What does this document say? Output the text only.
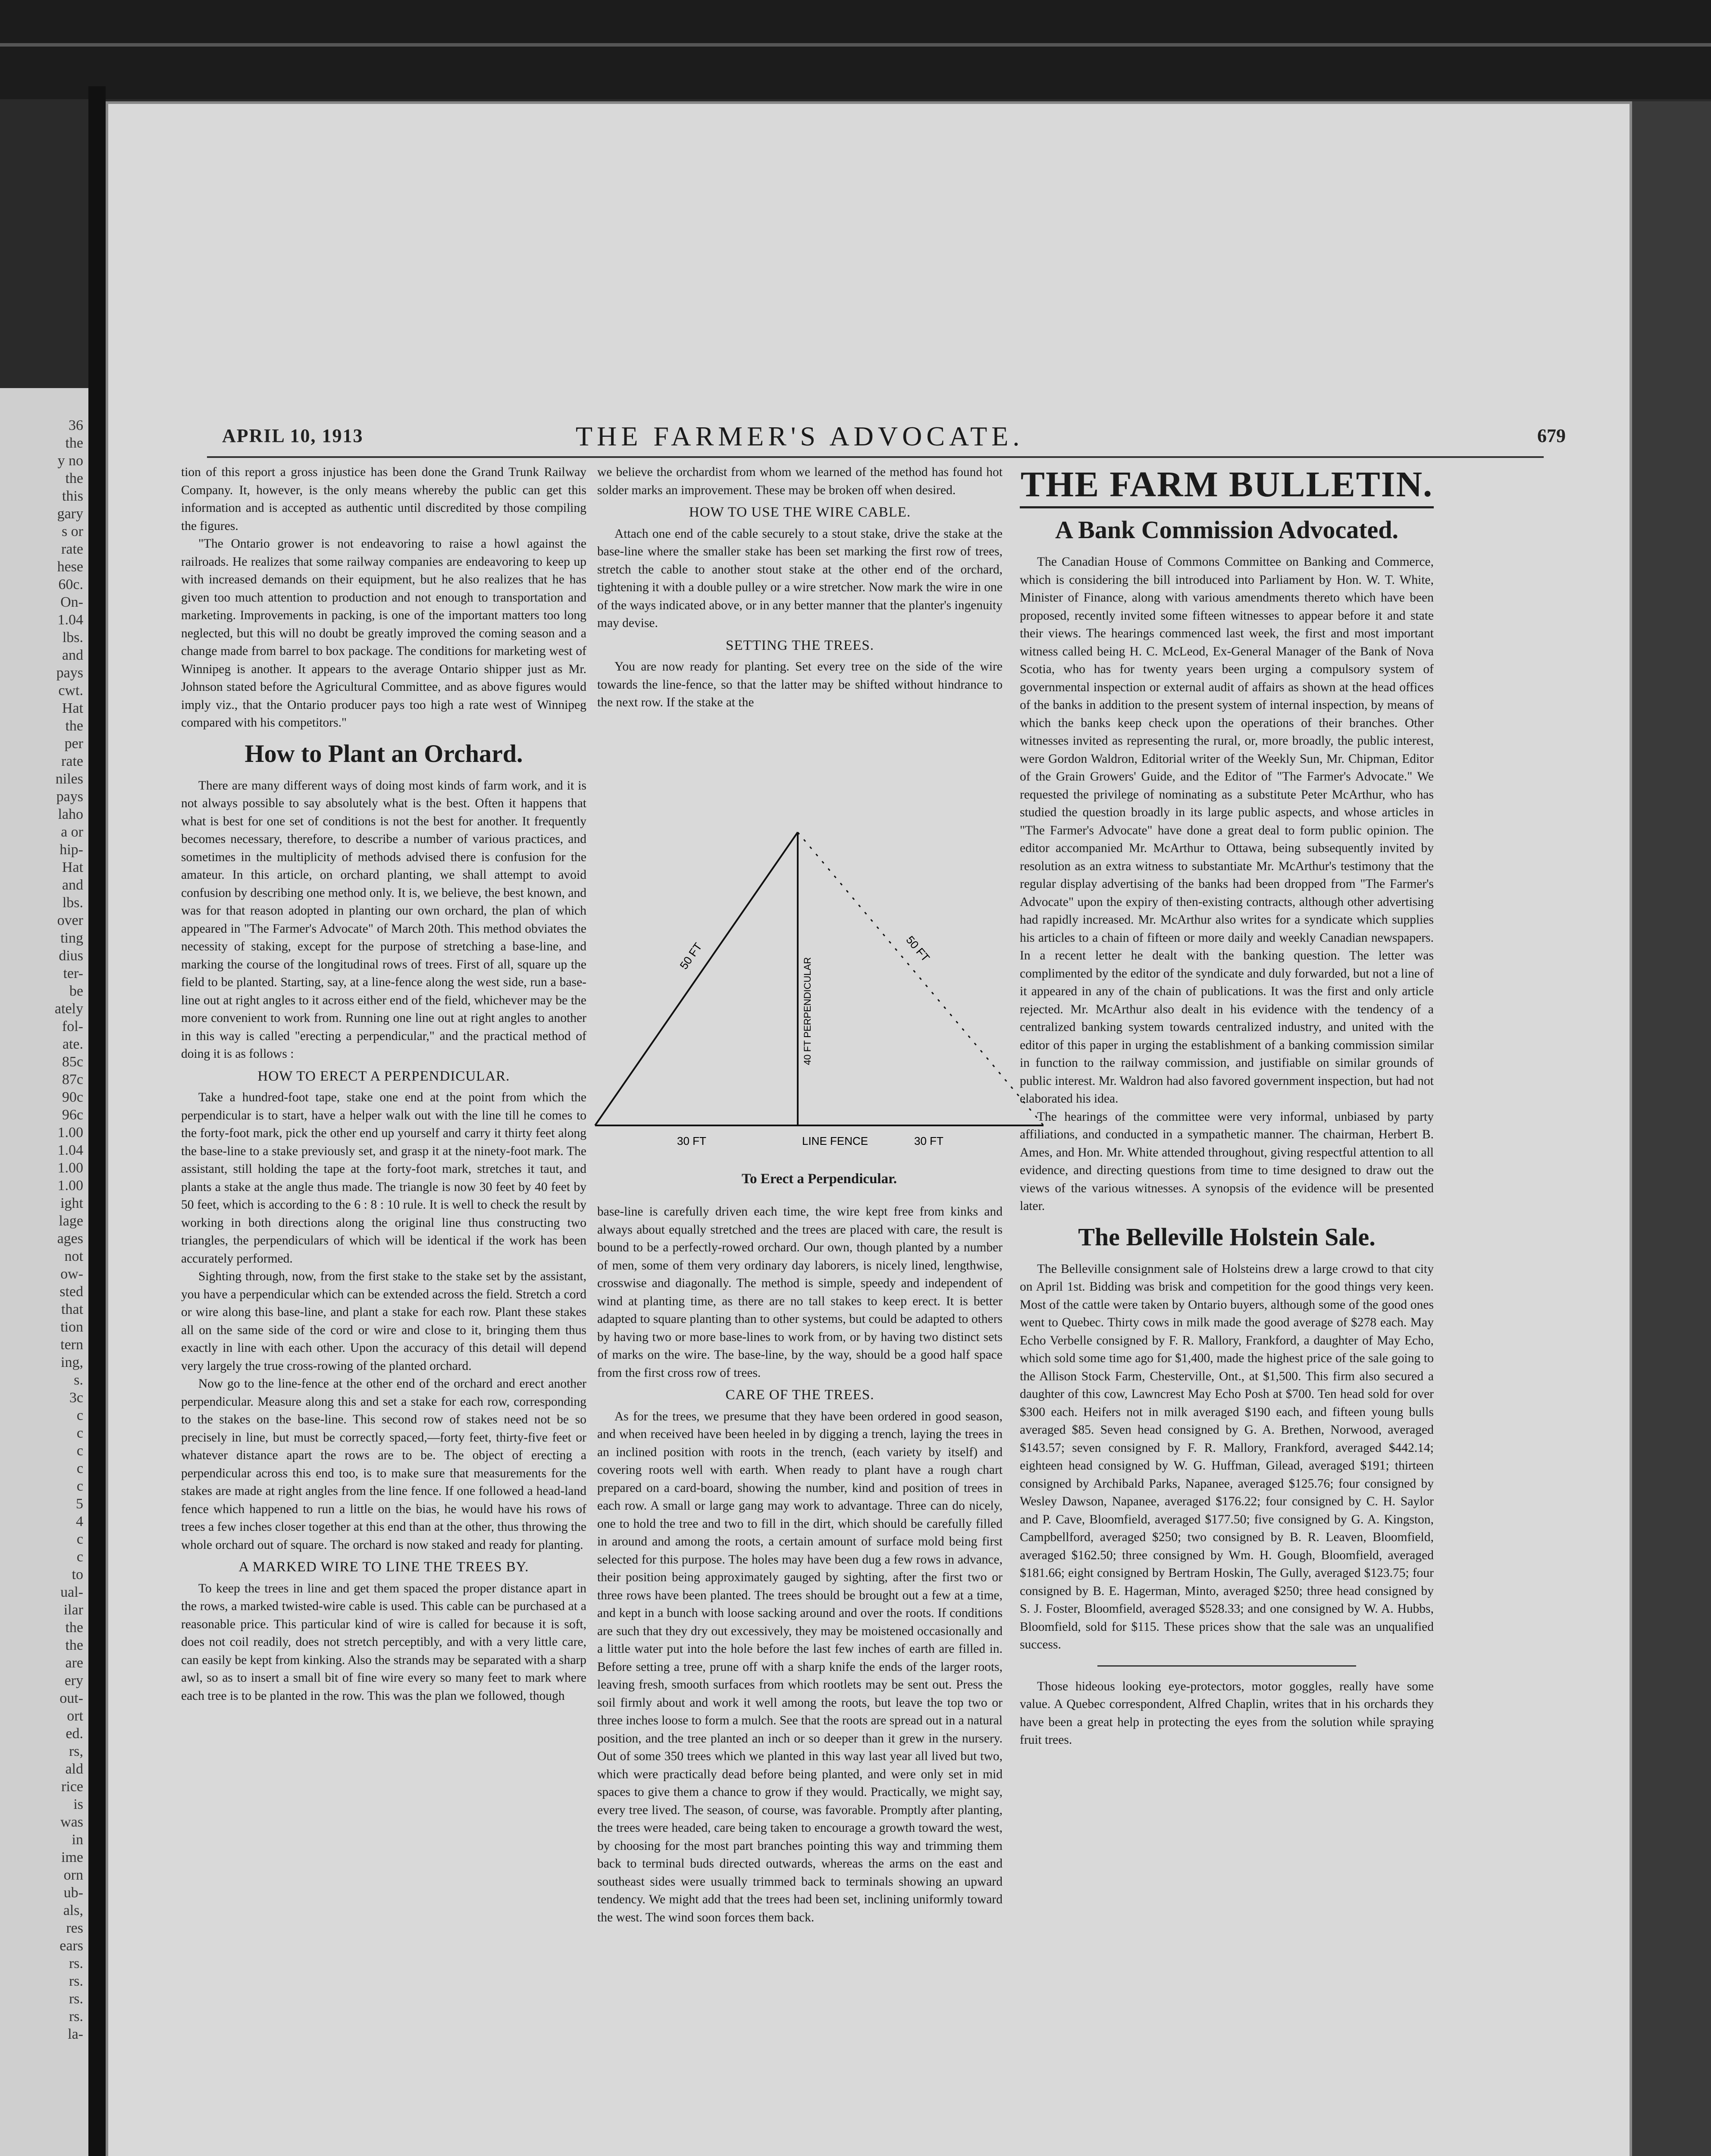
36
the
y no
the
this
gary
s or
rate
hese
60c.
On-
1.04
lbs.
and
pays
cwt.
Hat
the
per
rate
niles
pays
laho
a or
hip-
Hat
and
lbs.
over
ting
dius
ter-
be
ately
fol-
ate.
85c
87c
90c
96c
1.00
1.04
1.00
1.00
ight
lage
ages
not
ow-
sted
that
tion
tern
ing,
s.
3c
c
c
c
c
c
5
4
c
c
to
ual-
ilar
the
the
are
ery
out-
ort
ed.
rs,
ald
rice
is
was
in
ime
orn
ub-
als,
res
ears
rs.
rs.
rs.
rs.
la-
APRIL 10, 1913	THE FARMER'S ADVOCATE.	679

tion of this report a gross injustice has been done the Grand Trunk Railway Company. It, however, is the only means whereby the public can get this information and is accepted as authentic until discredited by those compiling the figures.

"The Ontario grower is not endeavoring to raise a howl against the railroads. He realizes that some railway companies are endeavoring to keep up with increased demands on their equipment, but he also realizes that he has given too much attention to production and not enough to transportation and marketing. Improvements in packing, is one of the important matters too long neglected, but this will no doubt be greatly improved the coming season and a change made from barrel to box package. The conditions for marketing west of Winnipeg is another. It appears to the average Ontario shipper just as Mr. Johnson stated before the Agricultural Committee, and as above figures would imply viz., that the Ontario producer pays too high a rate west of Winnipeg compared with his competitors."

How to Plant an Orchard.

There are many different ways of doing most kinds of farm work, and it is not always possible to say absolutely what is the best. Often it happens that what is best for one set of conditions is not the best for another. It frequently becomes necessary, therefore, to describe a number of various practices, and sometimes in the multiplicity of methods advised there is confusion for the amateur. In this article, on orchard planting, we shall attempt to avoid confusion by describing one method only. It is, we believe, the best known, and was for that reason adopted in planting our own orchard, the plan of which appeared in "The Farmer's Advocate" of March 20th. This method obviates the necessity of staking, except for the purpose of stretching a base-line, and marking the course of the longitudinal rows of trees. First of all, square up the field to be planted. Starting, say, at a line-fence along the west side, run a base-line out at right angles to it across either end of the field, whichever may be the more convenient to work from. Running one line out at right angles to another in this way is called "erecting a perpendicular," and the practical method of doing it is as follows :

HOW TO ERECT A PERPENDICULAR.

Take a hundred-foot tape, stake one end at the point from which the perpendicular is to start, have a helper walk out with the line till he comes to the forty-foot mark, pick the other end up yourself and carry it thirty feet along the base-line to a stake previously set, and grasp it at the ninety-foot mark. The assistant, still holding the tape at the forty-foot mark, stretches it taut, and plants a stake at the angle thus made. The triangle is now 30 feet by 40 feet by 50 feet, which is according to the 6 : 8 : 10 rule. It is well to check the result by working in both directions along the original line thus constructing two triangles, the perpendiculars of which will be identical if the work has been accurately performed.

Sighting through, now, from the first stake to the stake set by the assistant, you have a perpendicular which can be extended across the field. Stretch a cord or wire along this base-line, and plant a stake for each row. Plant these stakes all on the same side of the cord or wire and close to it, bringing them thus exactly in line with each other. Upon the accuracy of this detail will depend very largely the true cross-rowing of the planted orchard.

Now go to the line-fence at the other end of the orchard and erect another perpendicular. Measure along this and set a stake for each row, corresponding to the stakes on the base-line. This second row of stakes need not be so precisely in line, but must be correctly spaced,—forty feet, thirty-five feet or whatever distance apart the rows are to be. The object of erecting a perpendicular across this end too, is to make sure that measurements for the stakes are made at right angles from the line fence. If one followed a head-land fence which happened to run a little on the bias, he would have his rows of trees a few inches closer together at this end than at the other, thus throwing the whole orchard out of square. The orchard is now staked and ready for planting.

A MARKED WIRE TO LINE THE TREES BY.

To keep the trees in line and get them spaced the proper distance apart in the rows, a marked twisted-wire cable is used. This cable can be purchased at a reasonable price. This particular kind of wire is called for because it is soft, does not coil readily, does not stretch perceptibly, and with a very little care, can easily be kept from kinking. Also the strands may be separated with a sharp awl, so as to insert a small bit of fine wire every so many feet to mark where each tree is to be planted in the row. This was the plan we followed, though

we believe the orchardist from whom we learned of the method has found hot solder marks an improvement. These may be broken off when desired.

HOW TO USE THE WIRE CABLE.

Attach one end of the cable securely to a stout stake, drive the stake at the base-line where the smaller stake has been set marking the first row of trees, stretch the cable to another stout stake at the other end of the orchard, tightening it with a double pulley or a wire stretcher. Now mark the wire in one of the ways indicated above, or in any better manner that the planter's ingenuity may devise.

SETTING THE TREES.

You are now ready for planting. Set every tree on the side of the wire towards the line-fence, so that the latter may be shifted without hindrance to the next row. If the stake at the

50 FT
40 FT PERPENDICULAR
50 FT
30 FT	LINE FENCE	30 FT
To Erect a Perpendicular.

base-line is carefully driven each time, the wire kept free from kinks and always about equally stretched and the trees are placed with care, the result is bound to be a perfectly-rowed orchard. Our own, though planted by a number of men, some of them very ordinary day laborers, is nicely lined, lengthwise, crosswise and diagonally. The method is simple, speedy and independent of wind at planting time, as there are no tall stakes to keep erect. It is better adapted to square planting than to other systems, but could be adapted to others by having two or more base-lines to work from, or by having two distinct sets of marks on the wire. The base-line, by the way, should be a good half space from the first cross row of trees.

CARE OF THE TREES.

As for the trees, we presume that they have been ordered in good season, and when received have been heeled in by digging a trench, laying the trees in an inclined position with roots in the trench, (each variety by itself) and covering roots well with earth. When ready to plant have a rough chart prepared on a card-board, showing the number, kind and position of trees in each row. A small or large gang may work to advantage. Three can do nicely, one to hold the tree and two to fill in the dirt, which should be carefully filled in around and among the roots, a certain amount of surface mold being first selected for this purpose. The holes may have been dug a few rows in advance, their position being approximately gauged by sighting, after the first two or three rows have been planted. The trees should be brought out a few at a time, and kept in a bunch with loose sacking around and over the roots. If conditions are such that they dry out excessively, they may be moistened occasionally and a little water put into the hole before the last few inches of earth are filled in. Before setting a tree, prune off with a sharp knife the ends of the larger roots, leaving fresh, smooth surfaces from which rootlets may be sent out. Press the soil firmly about and work it well among the roots, but leave the top two or three inches loose to form a mulch. See that the roots are spread out in a natural position, and the tree planted an inch or so deeper than it grew in the nursery. Out of some 350 trees which we planted in this way last year all lived but two, which were practically dead before being planted, and were only set in mid spaces to give them a chance to grow if they would. Practically, we might say, every tree lived. The season, of course, was favorable. Promptly after planting, the trees were headed, care being taken to encourage a growth toward the west, by choosing for the most part branches pointing this way and trimming them back to terminal buds directed outwards, whereas the arms on the east and southeast sides were usually trimmed back to terminals showing an upward tendency. We might add that the trees had been set, inclining uniformly toward the west. The wind soon forces them back.

THE FARM BULLETIN.
A Bank Commission Advocated.

The Canadian House of Commons Committee on Banking and Commerce, which is considering the bill introduced into Parliament by Hon. W. T. White, Minister of Finance, along with various amendments thereto which have been proposed, recently invited some fifteen witnesses to appear before it and state their views. The hearings commenced last week, the first and most important witness called being H. C. McLeod, Ex-General Manager of the Bank of Nova Scotia, who has for twenty years been urging a compulsory system of governmental inspection or external audit of affairs as shown at the head offices of the banks in addition to the present system of internal inspection, by means of which the banks keep check upon the operations of their branches. Other witnesses invited as representing the rural, or, more broadly, the public interest, were Gordon Waldron, Editorial writer of the Weekly Sun, Mr. Chipman, Editor of the Grain Growers' Guide, and the Editor of "The Farmer's Advocate." We requested the privilege of nominating as a substitute Peter McArthur, who has studied the question broadly in its large public aspects, and whose articles in "The Farmer's Advocate" have done a great deal to form public opinion. The editor accompanied Mr. McArthur to Ottawa, being subsequently invited by resolution as an extra witness to substantiate Mr. McArthur's testimony that the regular display advertising of the banks had been dropped from "The Farmer's Advocate" upon the expiry of then-existing contracts, although other advertising had rapidly increased. Mr. McArthur also writes for a syndicate which supplies his articles to a chain of fifteen or more daily and weekly Canadian newspapers. In a recent letter he dealt with the banking question. The letter was complimented by the editor of the syndicate and duly forwarded, but not a line of it appeared in any of the chain of publications. It was the first and only article rejected. Mr. McArthur also dealt in his evidence with the tendency of a centralized banking system towards centralized industry, and united with the editor of this paper in urging the establishment of a banking commission similar in function to the railway commission, and justifiable on similar grounds of public interest. Mr. Waldron had also favored government inspection, but had not elaborated his idea.

The hearings of the committee were very informal, unbiased by party affiliations, and conducted in a sympathetic manner. The chairman, Herbert B. Ames, and Hon. Mr. White attended throughout, giving respectful attention to all evidence, and directing questions from time to time designed to draw out the views of the various witnesses. A synopsis of the evidence will be presented later.

The Belleville Holstein Sale.

The Belleville consignment sale of Holsteins drew a large crowd to that city on April 1st. Bidding was brisk and competition for the good things very keen. Most of the cattle were taken by Ontario buyers, although some of the good ones went to Quebec. Thirty cows in milk made the good average of $278 each. May Echo Verbelle consigned by F. R. Mallory, Frankford, a daughter of May Echo, which sold some time ago for $1,400, made the highest price of the sale going to the Allison Stock Farm, Chesterville, Ont., at $1,500. This firm also secured a daughter of this cow, Lawncrest May Echo Posh at $700. Ten head sold for over $300 each. Heifers not in milk averaged $190 each, and fifteen young bulls averaged $85. Seven head consigned by G. A. Brethen, Norwood, averaged $143.57; seven consigned by F. R. Mallory, Frankford, averaged $442.14; eighteen head consigned by W. G. Huffman, Gilead, averaged $191; thirteen consigned by Archibald Parks, Napanee, averaged $125.76; four consigned by Wesley Dawson, Napanee, averaged $176.22; four consigned by C. H. Saylor and P. Cave, Bloomfield, averaged $177.50; five consigned by G. A. Kingston, Campbellford, averaged $250; two consigned by B. R. Leaven, Bloomfield, averaged $162.50; three consigned by Wm. H. Gough, Bloomfield, averaged $181.66; eight consigned by Bertram Hoskin, The Gully, averaged $123.75; four consigned by B. E. Hagerman, Minto, averaged $250; three head consigned by S. J. Foster, Bloomfield, averaged $528.33; and one consigned by W. A. Hubbs, Bloomfield, sold for $115. These prices show that the sale was an unqualified success.

Those hideous looking eye-protectors, motor goggles, really have some value. A Quebec correspondent, Alfred Chaplin, writes that in his orchards they have been a great help in protecting the eyes from the solution while spraying fruit trees.
